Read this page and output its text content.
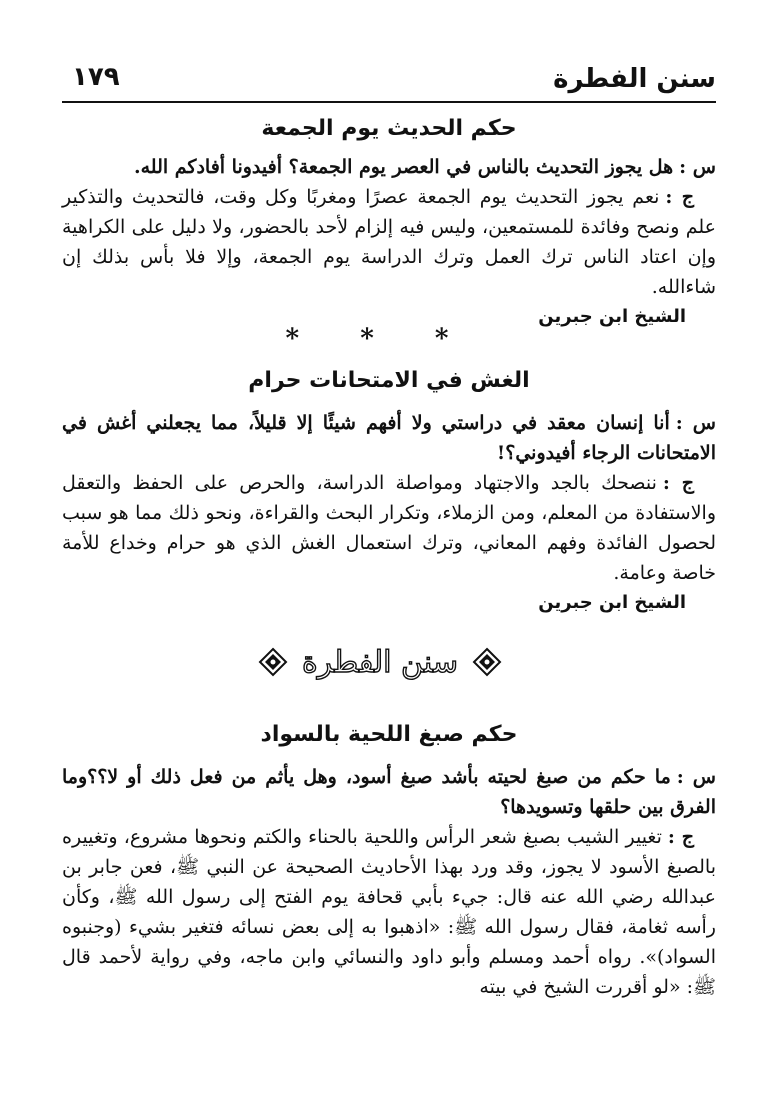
سنن الفطرة
١٧٩
حكم الحديث يوم الجمعة
س :هل يجوز التحديث بالناس في العصر يوم الجمعة؟ أفيدونا أفادكم الله.
ج :نعم يجوز التحديث يوم الجمعة عصرًا ومغربًا وكل وقت، فالتحديث والتذكير علم ونصح وفائدة للمستمعين، وليس فيه إلزام لأحد بالحضور، ولا دليل على الكراهية وإن اعتاد الناس ترك العمل وترك الدراسة يوم الجمعة، وإلا فلا بأس بذلك إن شاءالله.
الشيخ ابن جبرين
* * *
الغش في الامتحانات حرام
س :أنا إنسان معقد في دراستي ولا أفهم شيئًا إلا قليلاً، مما يجعلني أغش في الامتحانات الرجاء أفيدوني؟!
ج :ننصحك بالجد والاجتهاد ومواصلة الدراسة، والحرص على الحفظ والتعقل والاستفادة من المعلم، ومن الزملاء، وتكرار البحث والقراءة، ونحو ذلك مما هو سبب لحصول الفائدة وفهم المعاني، وترك استعمال الغش الذي هو حرام وخداع للأمة خاصة وعامة.
الشيخ ابن جبرين
سنن الفطرة
حكم صبغ اللحية بالسواد
س :ما حكم من صبغ لحيته بأشد صبغ أسود، وهل يأثم من فعل ذلك أو لا؟؟وما الفرق بين حلقها وتسويدها؟
ج :تغيير الشيب بصبغ شعر الرأس واللحية بالحناء والكتم ونحوها مشروع، وتغييره بالصبغ الأسود لا يجوز، وقد ورد بهذا الأحاديث الصحيحة عن النبي ﷺ، فعن جابر بن عبدالله رضي الله عنه قال: جيء بأبي قحافة يوم الفتح إلى رسول الله ﷺ، وكأن رأسه ثغامة، فقال رسول الله ﷺ: «اذهبوا به إلى بعض نسائه فتغير بشيء (وجنبوه السواد)». رواه أحمد ومسلم وأبو داود والنسائي وابن ماجه، وفي رواية لأحمد قال ﷺ: «لو أقررت الشيخ في بيته
